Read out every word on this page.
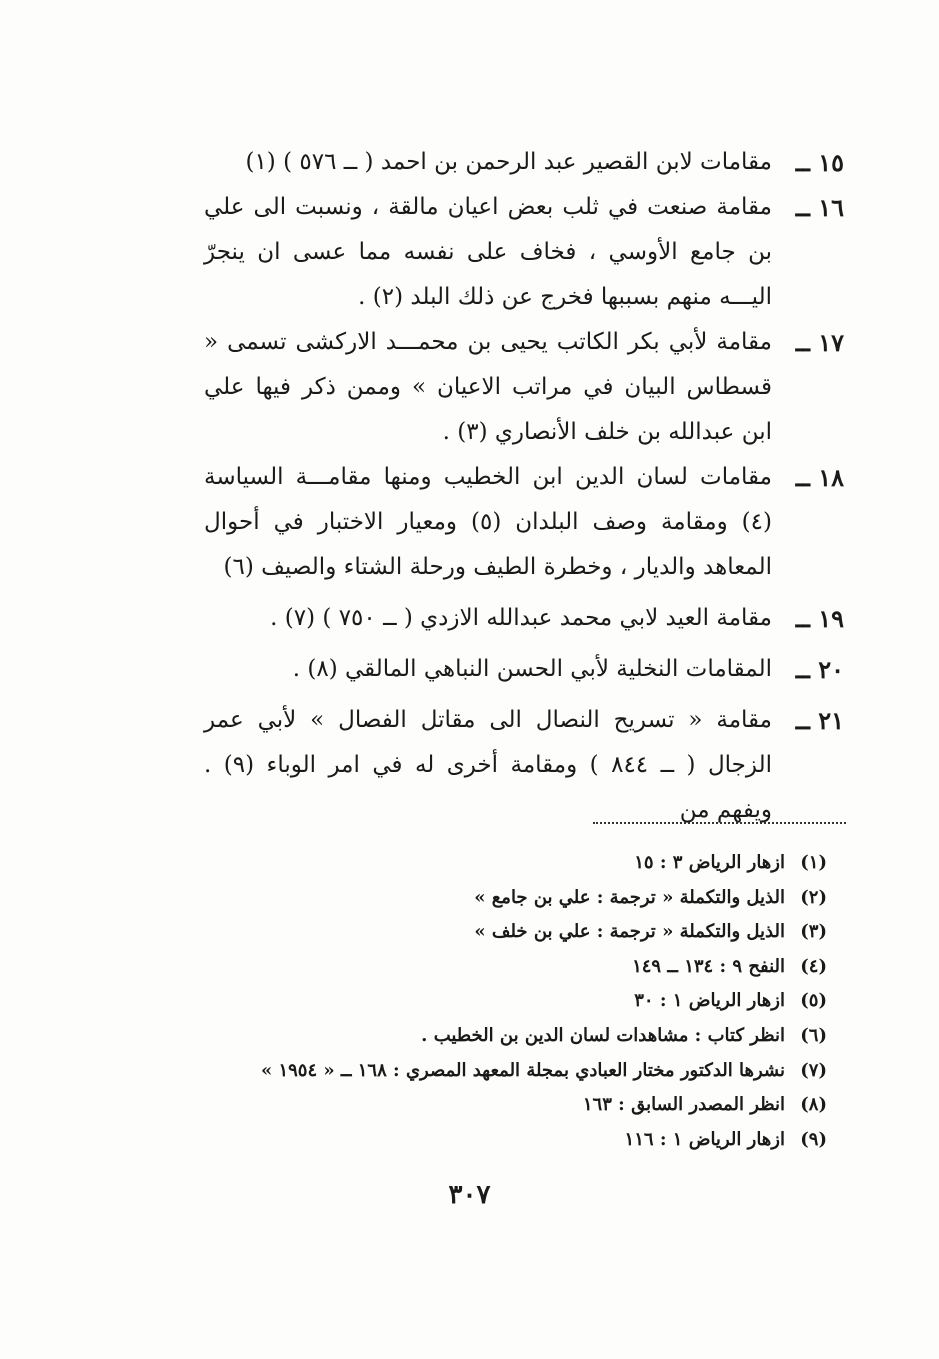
١٥ ــ
مقامات لابن القصير عبد الرحمن بن احمد ( ــ ٥٧٦ ) (١)
١٦ ــ
مقامة صنعت في ثلب بعض اعيان مالقة ، ونسبت الى علي بن جامع الأوسي ، فخاف على نفسه مما عسى ان ينجرّ اليـــه منهم بسببها فخرج عن ذلك البلد (٢) .
١٧ ــ
مقامة لأبي بكر الكاتب يحيى بن محمـــد الاركشى تسمى « قسطاس البيان في مراتب الاعيان » وممن ذكر فيها علي ابن عبدالله بن خلف الأنصاري (٣) .
١٨ ــ
مقامات لسان الدين ابن الخطيب ومنها مقامـــة السياسة (٤) ومقامة وصف البلدان (٥) ومعيار الاختبار في أحوال المعاهد والديار ، وخطرة الطيف ورحلة الشتاء والصيف (٦)
١٩ ــ
مقامة العيد لابي محمد عبدالله الازدي ( ــ ٧٥٠ ) (٧) .
٢٠ ــ
المقامات النخلية لأبي الحسن النباهي المالقي (٨) .
٢١ ــ
مقامة « تسريح النصال الى مقاتل الفصال » لأبي عمر الزجال ( ــ ٨٤٤ ) ومقامة أخرى له في امر الوباء (٩) . ويفهم من
(١)
ازهار الرياض ٣ : ١٥
(٢)
الذيل والتكملة « ترجمة : علي بن جامع »
(٣)
الذيل والتكملة « ترجمة : علي بن خلف »
(٤)
النفح ٩ : ١٣٤ ــ ١٤٩
(٥)
ازهار الرياض ١ : ٣٠
(٦)
انظر كتاب : مشاهدات لسان الدين بن الخطيب .
(٧)
نشرها الدكتور مختار العبادي بمجلة المعهد المصري : ١٦٨ ــ « ١٩٥٤ »
(٨)
انظر المصدر السابق : ١٦٣
(٩)
ازهار الرياض ١ : ١١٦
٣٠٧
